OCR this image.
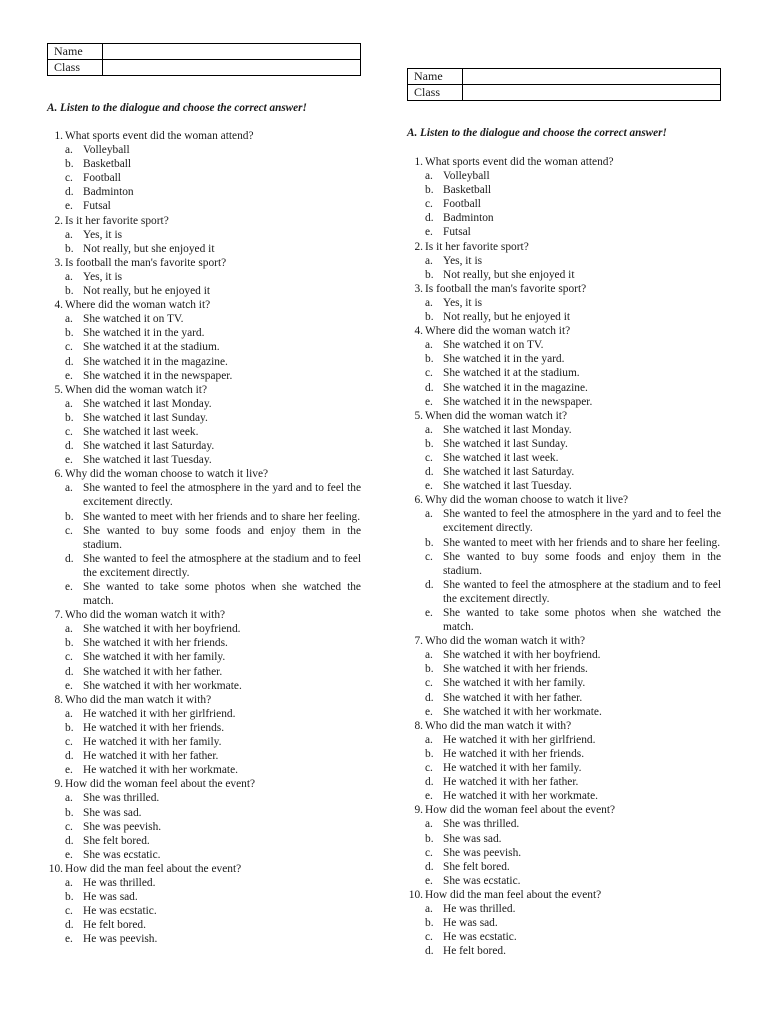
Name	
Class	

A. Listen to the dialogue and choose the correct answer!

1. What sports event did the woman attend?
a. Volleyball
b. Basketball
c. Football
d. Badminton
e. Futsal
2. Is it her favorite sport?
a. Yes, it is
b. Not really, but she enjoyed it
3. Is football the man's favorite sport?
a. Yes, it is
b. Not really, but he enjoyed it
4. Where did the woman watch it?
a. She watched it on TV.
b. She watched it in the yard.
c. She watched it at the stadium.
d. She watched it in the magazine.
e. She watched it in the newspaper.
5. When did the woman watch it?
a. She watched it last Monday.
b. She watched it last Sunday.
c. She watched it last week.
d. She watched it last Saturday.
e. She watched it last Tuesday.
6. Why did the woman choose to watch it live?
a. She wanted to feel the atmosphere in the yard and to feel the excitement directly.
b. She wanted to meet with her friends and to share her feeling.
c. She wanted to buy some foods and enjoy them in the stadium.
d. She wanted to feel the atmosphere at the stadium and to feel the excitement directly.
e. She wanted to take some photos when she watched the match.
7. Who did the woman watch it with?
a. She watched it with her boyfriend.
b. She watched it with her friends.
c. She watched it with her family.
d. She watched it with her father.
e. She watched it with her workmate.
8. Who did the man watch it with?
a. He watched it with her girlfriend.
b. He watched it with her friends.
c. He watched it with her family.
d. He watched it with her father.
e. He watched it with her workmate.
9. How did the woman feel about the event?
a. She was thrilled.
b. She was sad.
c. She was peevish.
d. She felt bored.
e. She was ecstatic.
10. How did the man feel about the event?
a. He was thrilled.
b. He was sad.
c. He was ecstatic.
d. He felt bored.
e. He was peevish.
Name	
Class	

A. Listen to the dialogue and choose the correct answer!

1. What sports event did the woman attend?
a. Volleyball
b. Basketball
c. Football
d. Badminton
e. Futsal
2. Is it her favorite sport?
a. Yes, it is
b. Not really, but she enjoyed it
3. Is football the man's favorite sport?
a. Yes, it is
b. Not really, but he enjoyed it
4. Where did the woman watch it?
a. She watched it on TV.
b. She watched it in the yard.
c. She watched it at the stadium.
d. She watched it in the magazine.
e. She watched it in the newspaper.
5. When did the woman watch it?
a. She watched it last Monday.
b. She watched it last Sunday.
c. She watched it last week.
d. She watched it last Saturday.
e. She watched it last Tuesday.
6. Why did the woman choose to watch it live?
a. She wanted to feel the atmosphere in the yard and to feel the excitement directly.
b. She wanted to meet with her friends and to share her feeling.
c. She wanted to buy some foods and enjoy them in the stadium.
d. She wanted to feel the atmosphere at the stadium and to feel the excitement directly.
e. She wanted to take some photos when she watched the match.
7. Who did the woman watch it with?
a. She watched it with her boyfriend.
b. She watched it with her friends.
c. She watched it with her family.
d. She watched it with her father.
e. She watched it with her workmate.
8. Who did the man watch it with?
a. He watched it with her girlfriend.
b. He watched it with her friends.
c. He watched it with her family.
d. He watched it with her father.
e. He watched it with her workmate.
9. How did the woman feel about the event?
a. She was thrilled.
b. She was sad.
c. She was peevish.
d. She felt bored.
e. She was ecstatic.
10. How did the man feel about the event?
a. He was thrilled.
b. He was sad.
c. He was ecstatic.
d. He felt bored.
